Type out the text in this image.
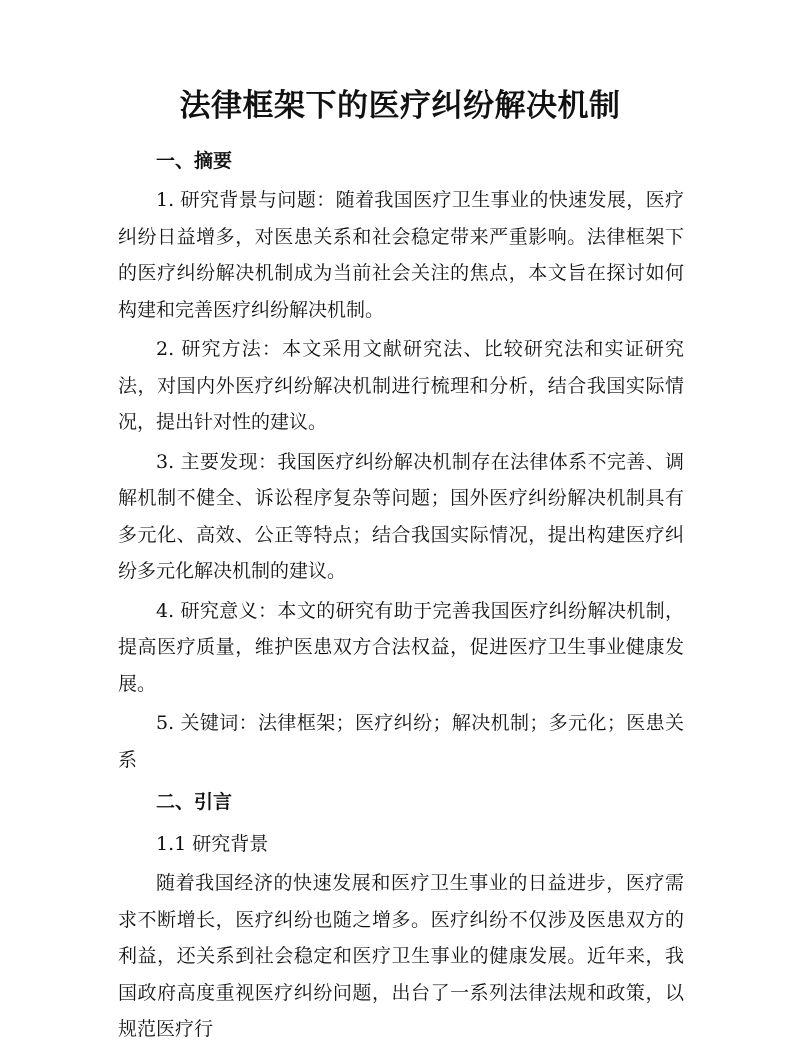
法律框架下的医疗纠纷解决机制
一、摘要

1. 研究背景与问题：随着我国医疗卫生事业的快速发展，医疗纠纷日益增多，对医患关系和社会稳定带来严重影响。法律框架下的医疗纠纷解决机制成为当前社会关注的焦点，本文旨在探讨如何构建和完善医疗纠纷解决机制。

2. 研究方法：本文采用文献研究法、比较研究法和实证研究法，对国内外医疗纠纷解决机制进行梳理和分析，结合我国实际情况，提出针对性的建议。

3. 主要发现：我国医疗纠纷解决机制存在法律体系不完善、调解机制不健全、诉讼程序复杂等问题；国外医疗纠纷解决机制具有多元化、高效、公正等特点；结合我国实际情况，提出构建医疗纠纷多元化解决机制的建议。

4. 研究意义：本文的研究有助于完善我国医疗纠纷解决机制，提高医疗质量，维护医患双方合法权益，促进医疗卫生事业健康发展。

5. 关键词：法律框架；医疗纠纷；解决机制；多元化；医患关系

二、引言
1.1 研究背景

随着我国经济的快速发展和医疗卫生事业的日益进步，医疗需求不断增长，医疗纠纷也随之增多。医疗纠纷不仅涉及医患双方的利益，还关系到社会稳定和医疗卫生事业的健康发展。近年来，我国政府高度重视医疗纠纷问题，出台了一系列法律法规和政策，以规范医疗行
